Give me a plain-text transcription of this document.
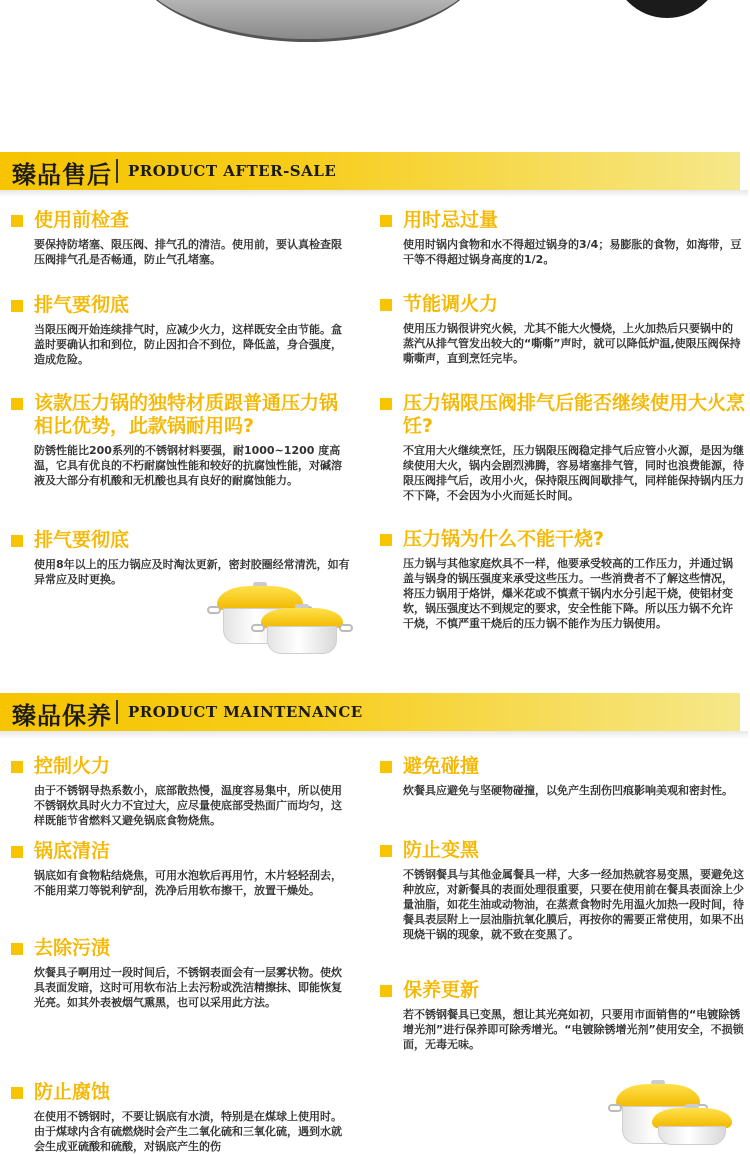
臻品售后 PRODUCT AFTER-SALE
使用前检查
要保持防堵塞、限压阀、排气孔的清洁。使用前，要认真检查限压阀排气孔是否畅通，防止气孔堵塞。
排气要彻底
当限压阀开始连续排气时，应减少火力，这样既安全由节能。盒盖时要确认扣和到位，防止因扣合不到位，降低盖，身合强度，造成危险。
该款压力锅的独特材质跟普通压力锅相比优势，此款锅耐用吗?
防锈性能比200系列的不锈钢材料要强，耐1000~1200 度高温，它具有优良的不朽耐腐蚀性能和较好的抗腐蚀性能，对碱溶液及大部分有机酸和无机酸也具有良好的耐腐蚀能力。
排气要彻底
使用8年以上的压力锅应及时淘汰更新，密封胶圈经常清洗，如有异常应及时更换。
用时忌过量
使用时锅内食物和水不得超过锅身的3/4；易膨胀的食物，如海带，豆干等不得超过锅身高度的1/2。
节能调火力
使用压力锅很讲究火候，尤其不能大火慢烧，上火加热后只要锅中的蒸汽从排气管发出较大的“嘶嘶”声时，就可以降低炉温,使限压阀保持嘶嘶声，直到烹饪完毕。
压力锅限压阀排气后能否继续使用大火烹饪?
不宜用大火继续烹饪，压力锅限压阀稳定排气后应管小火源，是因为继续使用大火，锅内会剧烈沸腾，容易堵塞排气管，同时也浪费能源，待限压阀排气后，改用小火，保持限压阀间歇排气，同样能保持锅内压力不下降，不会因为小火而延长时间。
压力锅为什么不能干烧?
压力锅与其他家庭炊具不一样，他要承受较高的工作压力，并通过锅盖与锅身的锅压强度来承受这些压力。一些消费者不了解这些情况，将压力锅用于烙饼，爆米花或不慎煮干锅内水分引起干烧，使铝材变软，锅压强度达不到规定的要求，安全性能下降。所以压力锅不允许干烧，不慎严重干烧后的压力锅不能作为压力锅使用。
臻品保养 PRODUCT MAINTENANCE
控制火力
由于不锈钢导热系数小，底部散热慢，温度容易集中，所以使用不锈钢炊具时火力不宜过大，应尽量使底部受热面广而均匀，这样既能节省燃料又避免锅底食物烧焦。
锅底清洁
锅底如有食物粘结烧焦，可用水泡软后再用竹，木片轻轻刮去，不能用菜刀等锐利铲刮，洗净后用软布擦干，放置干燥处。
去除污渍
炊餐具子啊用过一段时间后，不锈钢表面会有一层雾状物。使炊具表面发暗，这时可用软布沾上去污粉或洗洁精擦抹、即能恢复光亮。如其外表被烟气熏黑，也可以采用此方法。
防止腐蚀
在使用不锈钢时，不要让锅底有水渍，特别是在煤球上使用时。由于煤球内含有硫燃烧时会产生二氧化硫和三氧化硫，遇到水就会生成亚硫酸和硫酸，对锅底产生的伤
避免碰撞
炊餐具应避免与坚硬物碰撞，以免产生刮伤凹痕影响美观和密封性。
防止变黑
不锈钢餐具与其他金属餐具一样，大多一经加热就容易变黑，要避免这种放应，对新餐具的表面处理很重要，只要在使用前在餐具表面涂上少量油脂，如花生油或动物油，在蒸煮食物时先用温火加热一段时间，待餐具表层附上一层油脂抗氧化膜后，再按你的需要正常使用，如果不出现烧干锅的现象，就不致在变黑了。
保养更新
若不锈钢餐具已变黑，想让其光亮如初，只要用市面销售的“电镀除锈增光剂”进行保养即可除秀增光。“电镀除锈增光剂”使用安全，不损锁面，无毒无味。
